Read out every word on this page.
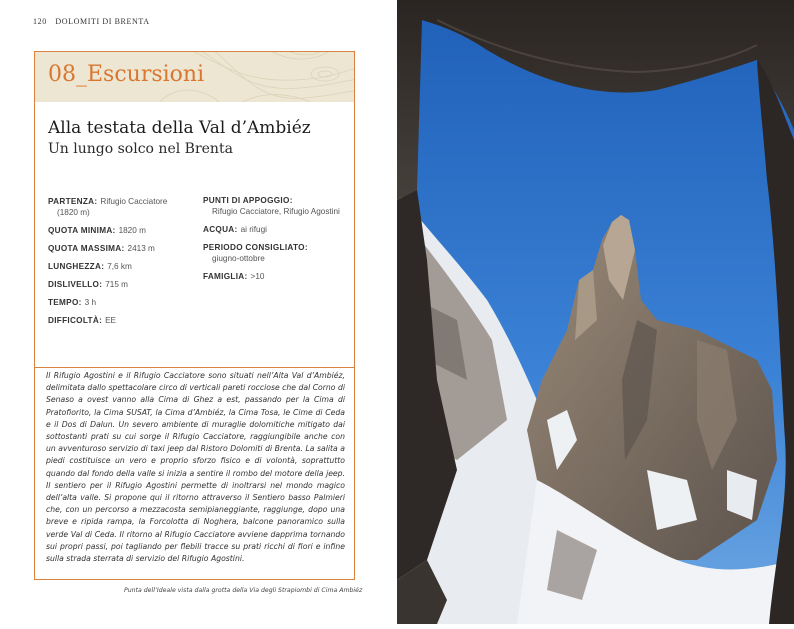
120 DOLOMITI DI BRENTA
08_Escursioni
Alla testata della Val d’Ambiéz
Un lungo solco nel Brenta
PARTENZA : Rifugio Cacciatore
(1820 m)
QUOTA MINIMA : 1820 m
QUOTA MASSIMA : 2413 m
LUNGHEZZA : 7,6 km
DISLIVELLO : 715 m
TEMPO : 3 h
DIFFICOLTÀ : EE
PUNTI DI APPOGGIO :
Rifugio Cacciatore, Rifugio Agostini
ACQUA : ai rifugi
PERIODO CONSIGLIATO :
giugno-ottobre
FAMIGLIA : >10
Il Rifugio Agostini e il Rifugio Cacciatore sono situati nell’Alta Val d’Ambiéz, delimitata dallo spettacolare circo di verticali pareti rocciose che dal Corno di Senaso a ovest vanno alla Cima di Ghez a est, passando per la Cima di Pratofiorito, la Cima SUSAT, la Cima d’Ambiéz, la Cima Tosa, le Cime di Ceda e il Dos di Dalun. Un severo ambiente di muraglie dolomitiche mitigato dai sottostanti prati su cui sorge il Rifugio Cacciatore, raggiungibile anche con un avventuroso servizio di taxi jeep dal Ristoro Dolomiti di Brenta. La salita a piedi costituisce un vero e proprio sforzo fisico e di volontà, soprattutto quando dal fondo della valle si inizia a sentire il rombo del motore della jeep. Il sentiero per il Rifugio Agostini permette di inoltrarsi nel mondo magico dell’alta valle. Si propone qui il ritorno attraverso il Sentiero basso Palmieri che, con un percorso a mezzacosta semipianeggiante, raggiunge, dopo una breve e ripida rampa, la Forcolotta di Noghera, balcone panoramico sulla verde Val di Ceda. Il ritorno al Rifugio Cacciatore avviene dapprima tornando sui propri passi, poi tagliando per flebili tracce su prati ricchi di fiori e infine sulla strada sterrata di servizio del Rifugio Agostini.
Punta dell’Ideale vista dalla grotta della Via degli Strapiombi di Cima Ambiéz
